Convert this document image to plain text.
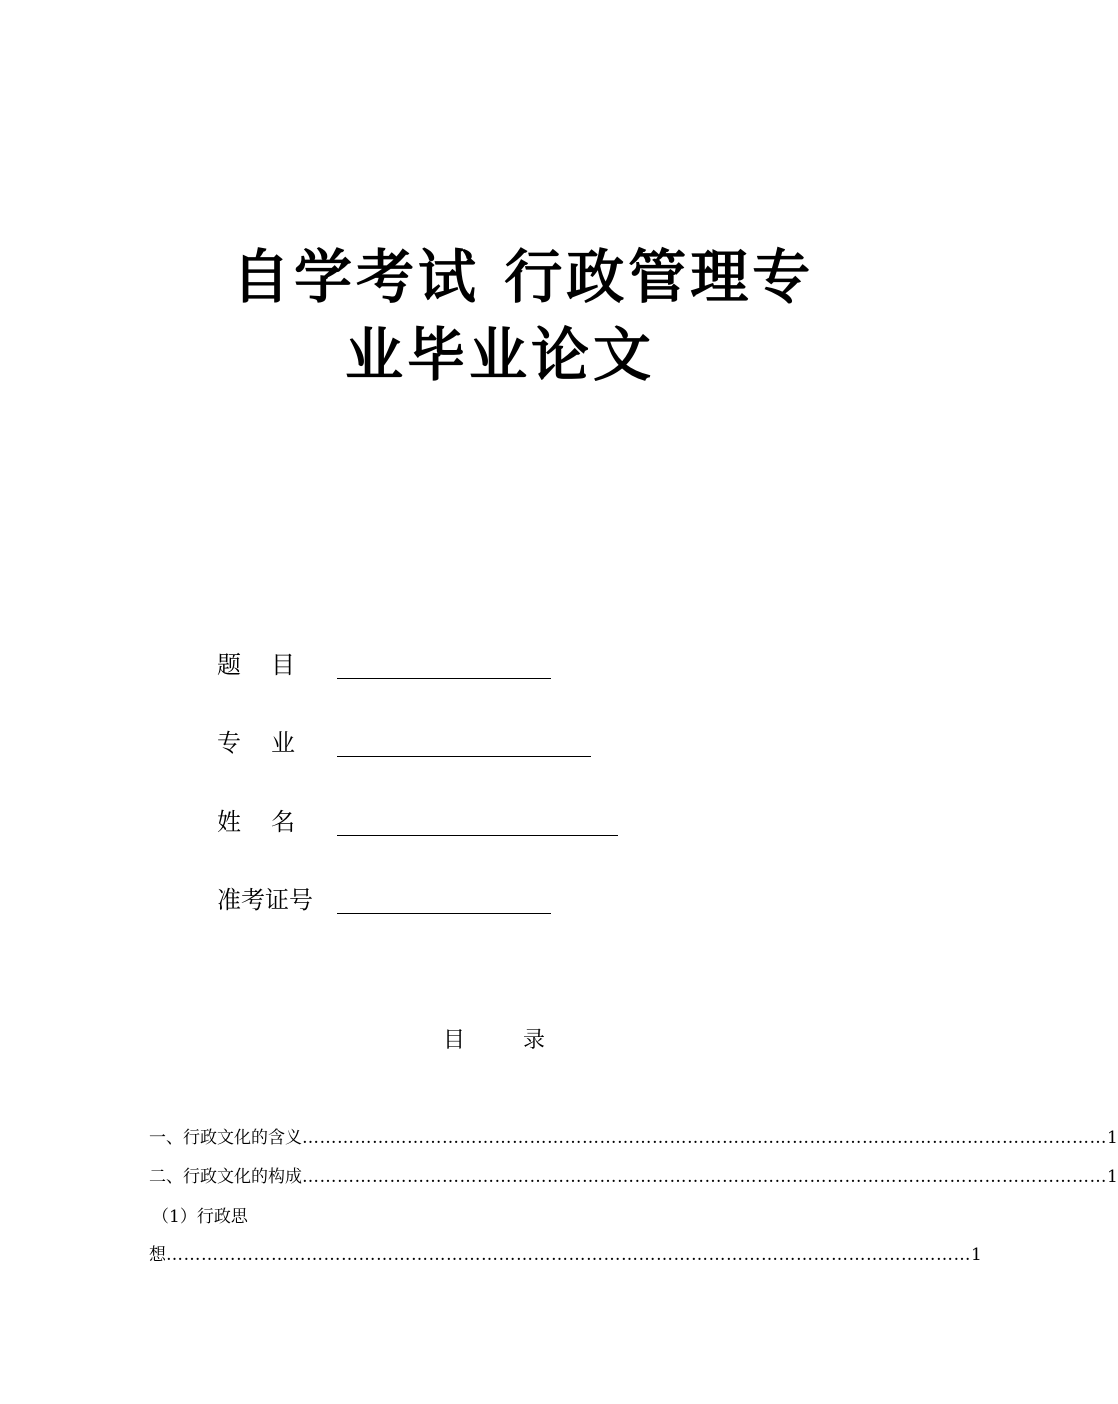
自学考试 行政管理专
业毕业论文
题目
专业
姓名
准考证号
目录
一、行政文化的含义 ………………………………………………………………………………………………………………………… 1
二、行政文化的构成 ………………………………………………………………………………………………………………………… 1
（1）行政思
想 ………………………………………………………………………………………………………………………… 1
